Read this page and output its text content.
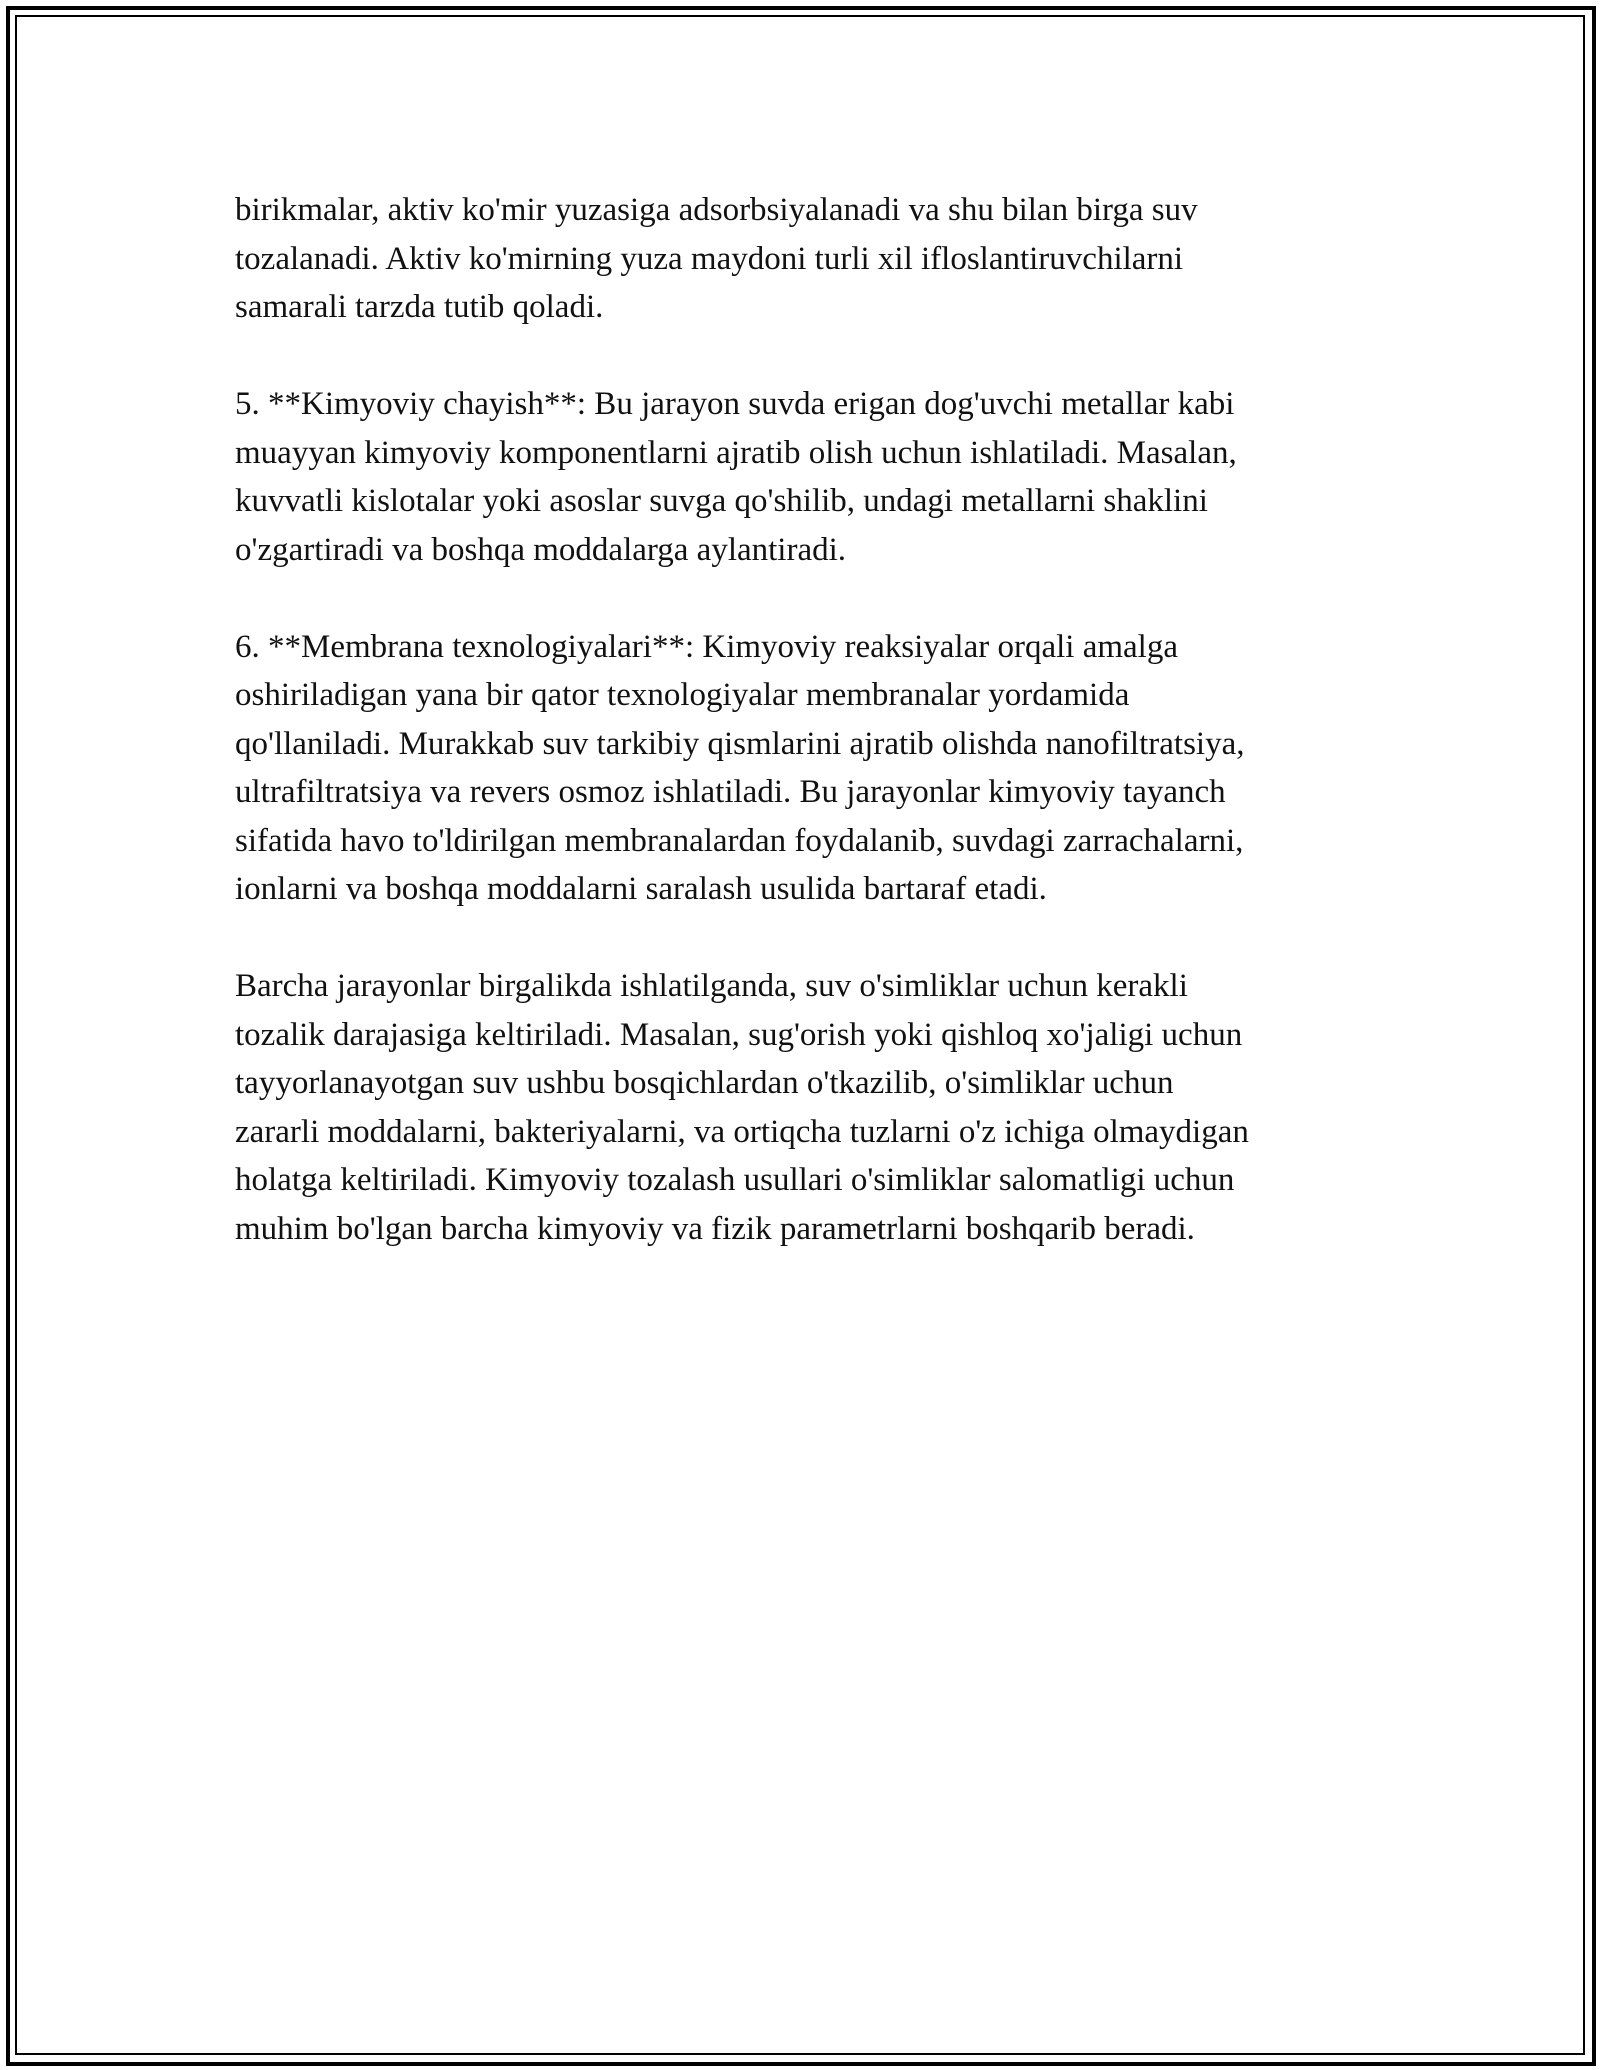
birikmalar, aktiv ko'mir yuzasiga adsorbsiyalanadi va shu bilan birga suv
tozalanadi. Aktiv ko'mirning yuza maydoni turli xil ifloslantiruvchilarni
samarali tarzda tutib qoladi.

5. **Kimyoviy chayish**: Bu jarayon suvda erigan dog'uvchi metallar kabi
muayyan kimyoviy komponentlarni ajratib olish uchun ishlatiladi. Masalan,
kuvvatli kislotalar yoki asoslar suvga qo'shilib, undagi metallarni shaklini
o'zgartiradi va boshqa moddalarga aylantiradi.

6. **Membrana texnologiyalari**: Kimyoviy reaksiyalar orqali amalga
oshiriladigan yana bir qator texnologiyalar membranalar yordamida
qo'llaniladi. Murakkab suv tarkibiy qismlarini ajratib olishda nanofiltratsiya,
ultrafiltratsiya va revers osmoz ishlatiladi. Bu jarayonlar kimyoviy tayanch
sifatida havo to'ldirilgan membranalardan foydalanib, suvdagi zarrachalarni,
ionlarni va boshqa moddalarni saralash usulida bartaraf etadi.

Barcha jarayonlar birgalikda ishlatilganda, suv o'simliklar uchun kerakli
tozalik darajasiga keltiriladi. Masalan, sug'orish yoki qishloq xo'jaligi uchun
tayyorlanayotgan suv ushbu bosqichlardan o'tkazilib, o'simliklar uchun
zararli moddalarni, bakteriyalarni, va ortiqcha tuzlarni o'z ichiga olmaydigan
holatga keltiriladi. Kimyoviy tozalash usullari o'simliklar salomatligi uchun
muhim bo'lgan barcha kimyoviy va fizik parametrlarni boshqarib beradi.
